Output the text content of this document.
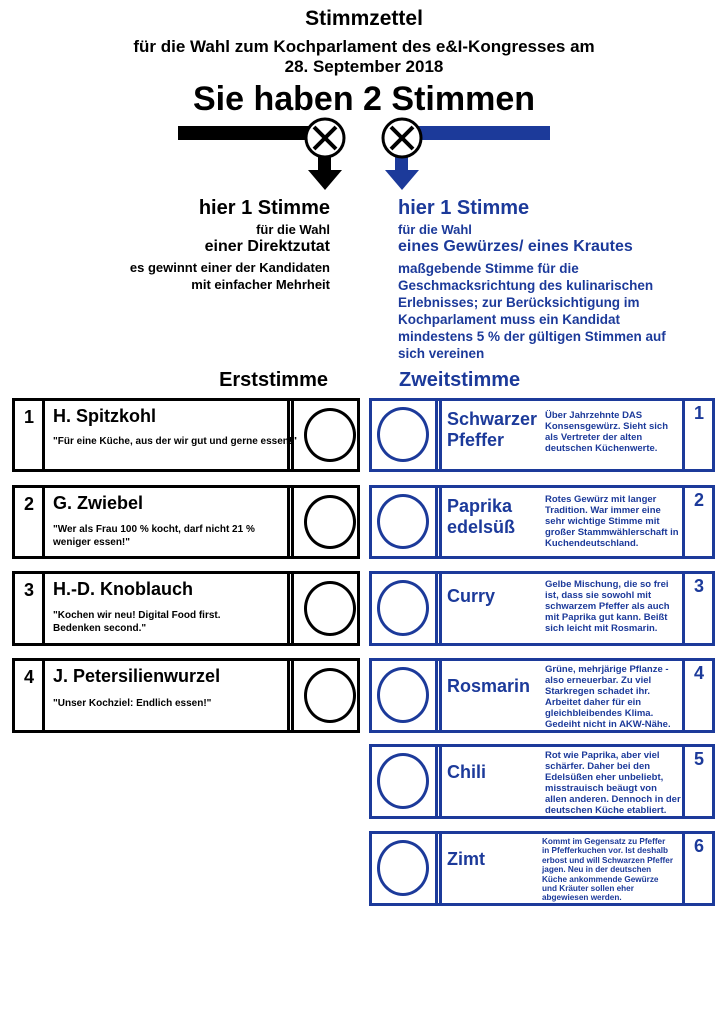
Stimmzettel
für die Wahl zum Kochparlament des e&I-Kongresses am
28. September 2018
Sie haben 2 Stimmen
hier 1 Stimme
für die Wahl
einer Direktzutat
es gewinnt einer der Kandidaten
mit einfacher Mehrheit
hier 1 Stimme
für die Wahl
eines Gewürzes/ eines Krautes
maßgebende Stimme für die
Geschmacksrichtung des kulinarischen
Erlebnisses; zur Berücksichtigung im
Kochparlament muss ein Kandidat
mindestens 5 % der gültigen Stimmen auf
sich vereinen
Erststimme	Zweitstimme
1 H. Spitzkohl
"Für eine Küche, aus der wir gut und gerne essen!"
2 G. Zwiebel
"Wer als Frau 100 % kocht, darf nicht 21 %
weniger essen!"
3 H.-D. Knoblauch
"Kochen wir neu! Digital Food first.
Bedenken second."
4 J. Petersilienwurzel
"Unser Kochziel: Endlich essen!"
Schwarzer
Pfeffer
Über Jahrzehnte DAS
Konsensgewürz. Sieht sich
als Vertreter der alten
deutschen Küchenwerte.
1
Paprika
edelsüß
Rotes Gewürz mit langer
Tradition. War immer eine
sehr wichtige Stimme mit
großer Stammwählerschaft in
Kuchendeutschland.
2
Curry
Gelbe Mischung, die so frei
ist, dass sie sowohl mit
schwarzem Pfeffer als auch
mit Paprika gut kann. Beißt
sich leicht mit Rosmarin.
3
Rosmarin
Grüne, mehrjärige Pflanze -
also erneuerbar. Zu viel
Starkregen schadet ihr.
Arbeitet daher für ein
gleichbleibendes Klima.
Gedeiht nicht in AKW-Nähe.
4
Chili
Rot wie Paprika, aber viel
schärfer. Daher bei den
Edelsüßen eher unbeliebt,
misstrauisch beäugt von
allen anderen. Dennoch in der
deutschen Küche etabliert.
5
Zimt
Kommt im Gegensatz zu Pfeffer
in Pfefferkuchen vor. Ist deshalb
erbost und will Schwarzen Pfeffer
jagen. Neu in der deutschen
Küche ankommende Gewürze
und Kräuter sollen eher
abgewiesen werden.
6
